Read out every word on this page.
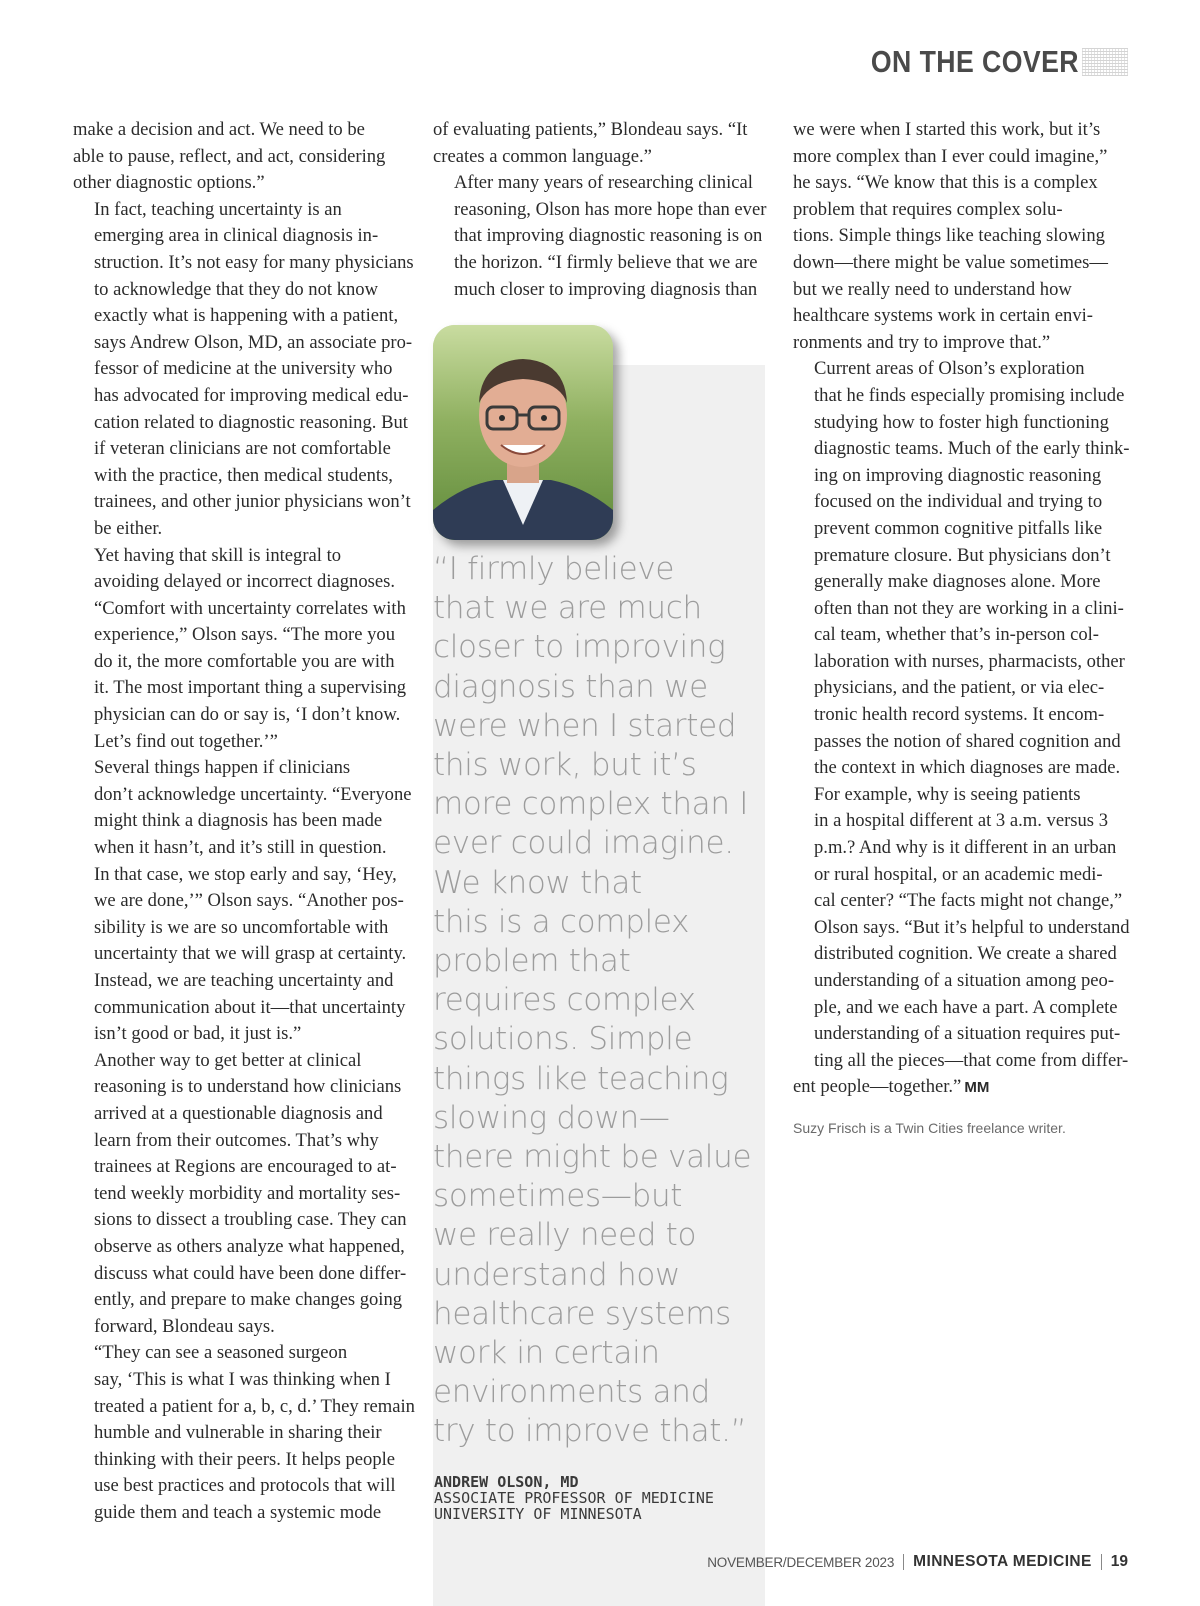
ON THE COVER

make a decision and act. We need to be
able to pause, reflect, and act, considering
other diagnostic options.”

In fact, teaching uncertainty is an
emerging area in clinical diagnosis in-
struction. It’s not easy for many physicians
to acknowledge that they do not know
exactly what is happening with a patient,
says Andrew Olson, MD, an associate pro-
fessor of medicine at the university who
has advocated for improving medical edu-
cation related to diagnostic reasoning. But
if veteran clinicians are not comfortable
with the practice, then medical students,
trainees, and other junior physicians won’t
be either.

Yet having that skill is integral to
avoiding delayed or incorrect diagnoses.
“Comfort with uncertainty correlates with
experience,” Olson says. “The more you
do it, the more comfortable you are with
it. The most important thing a supervising
physician can do or say is, ‘I don’t know.
Let’s find out together.’”

Several things happen if clinicians
don’t acknowledge uncertainty. “Everyone
might think a diagnosis has been made
when it hasn’t, and it’s still in question.
In that case, we stop early and say, ‘Hey,
we are done,’” Olson says. “Another pos-
sibility is we are so uncomfortable with
uncertainty that we will grasp at certainty.
Instead, we are teaching uncertainty and
communication about it—that uncertainty
isn’t good or bad, it just is.”

Another way to get better at clinical
reasoning is to understand how clinicians
arrived at a questionable diagnosis and
learn from their outcomes. That’s why
trainees at Regions are encouraged to at-
tend weekly morbidity and mortality ses-
sions to dissect a troubling case. They can
observe as others analyze what happened,
discuss what could have been done differ-
ently, and prepare to make changes going
forward, Blondeau says.

“They can see a seasoned surgeon
say, ‘This is what I was thinking when I
treated a patient for a, b, c, d.’ They remain
humble and vulnerable in sharing their
thinking with their peers. It helps people
use best practices and protocols that will
guide them and teach a systemic mode

of evaluating patients,” Blondeau says. “It
creates a common language.”

After many years of researching clinical
reasoning, Olson has more hope than ever
that improving diagnostic reasoning is on
the horizon. “I firmly believe that we are
much closer to improving diagnosis than

“I firmly believe
that we are much
closer to improving
diagnosis than we
were when I started
this work, but it’s
more complex than I
ever could imagine.
We know that
this is a complex
problem that
requires complex
solutions. Simple
things like teaching
slowing down—
there might be value
sometimes—but
we really need to
understand how
healthcare systems
work in certain
environments and
try to improve that.”
ANDREW OLSON, MD
ASSOCIATE PROFESSOR OF MEDICINE
UNIVERSITY OF MINNESOTA

we were when I started this work, but it’s
more complex than I ever could imagine,”
he says. “We know that this is a complex
problem that requires complex solu-
tions. Simple things like teaching slowing
down—there might be value sometimes—
but we really need to understand how
healthcare systems work in certain envi-
ronments and try to improve that.”

Current areas of Olson’s exploration
that he finds especially promising include
studying how to foster high functioning
diagnostic teams. Much of the early think-
ing on improving diagnostic reasoning
focused on the individual and trying to
prevent common cognitive pitfalls like
premature closure. But physicians don’t
generally make diagnoses alone. More
often than not they are working in a clini-
cal team, whether that’s in-person col-
laboration with nurses, pharmacists, other
physicians, and the patient, or via elec-
tronic health record systems. It encom-
passes the notion of shared cognition and
the context in which diagnoses are made.

For example, why is seeing patients
in a hospital different at 3 a.m. versus 3
p.m.? And why is it different in an urban
or rural hospital, or an academic medi-
cal center? “The facts might not change,”
Olson says. “But it’s helpful to understand
distributed cognition. We create a shared
understanding of a situation among peo-
ple, and we each have a part. A complete
understanding of a situation requires put-
ting all the pieces—that come from differ-
ent people—together.” MM

Suzy Frisch is a Twin Cities freelance writer.
NOVEMBER/DECEMBER 2023 MINNESOTA MEDICINE 19
